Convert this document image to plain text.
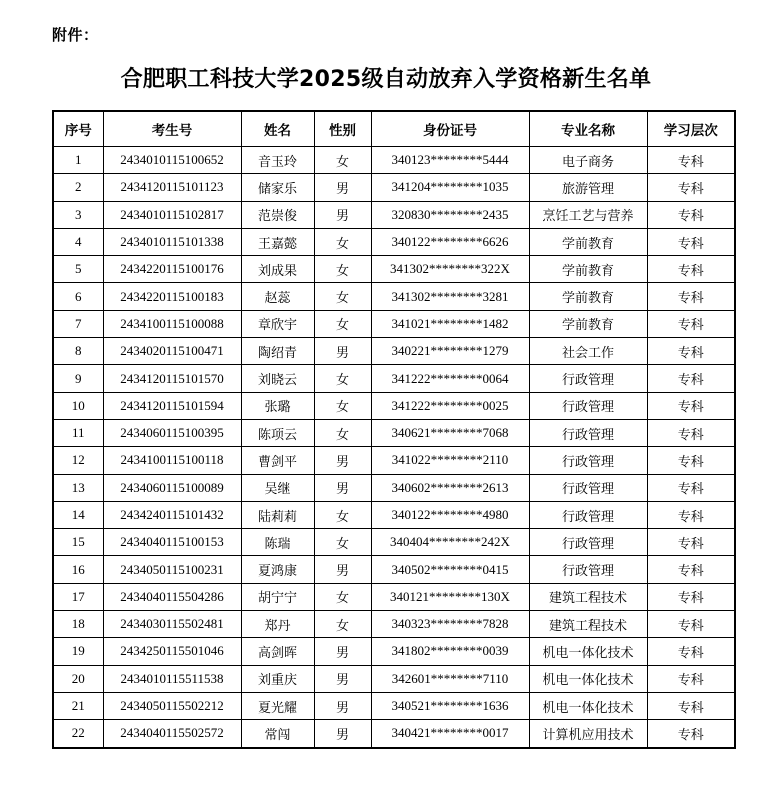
附件：
合肥职工科技大学2025级自动放弃入学资格新生名单
序号	考生号	姓名	性别	身份证号	专业名称	学习层次
1	2434010115100652	音玉玲	女	340123********5444	电子商务	专科
2	2434120115101123	储家乐	男	341204********1035	旅游管理	专科
3	2434010115102817	范崇俊	男	320830********2435	烹饪工艺与营养	专科
4	2434010115101338	王嘉懿	女	340122********6626	学前教育	专科
5	2434220115100176	刘成果	女	341302********322X	学前教育	专科
6	2434220115100183	赵蕊	女	341302********3281	学前教育	专科
7	2434100115100088	章欣宇	女	341021********1482	学前教育	专科
8	2434020115100471	陶绍青	男	340221********1279	社会工作	专科
9	2434120115101570	刘晓云	女	341222********0064	行政管理	专科
10	2434120115101594	张璐	女	341222********0025	行政管理	专科
11	2434060115100395	陈项云	女	340621********7068	行政管理	专科
12	2434100115100118	曹剑平	男	341022********2110	行政管理	专科
13	2434060115100089	吴继	男	340602********2613	行政管理	专科
14	2434240115101432	陆莉莉	女	340122********4980	行政管理	专科
15	2434040115100153	陈瑞	女	340404********242X	行政管理	专科
16	2434050115100231	夏鸿康	男	340502********0415	行政管理	专科
17	2434040115504286	胡宁宁	女	340121********130X	建筑工程技术	专科
18	2434030115502481	郑丹	女	340323********7828	建筑工程技术	专科
19	2434250115501046	高剑晖	男	341802********0039	机电一体化技术	专科
20	2434010115511538	刘重庆	男	342601********7110	机电一体化技术	专科
21	2434050115502212	夏光耀	男	340521********1636	机电一体化技术	专科
22	2434040115502572	常闯	男	340421********0017	计算机应用技术	专科
